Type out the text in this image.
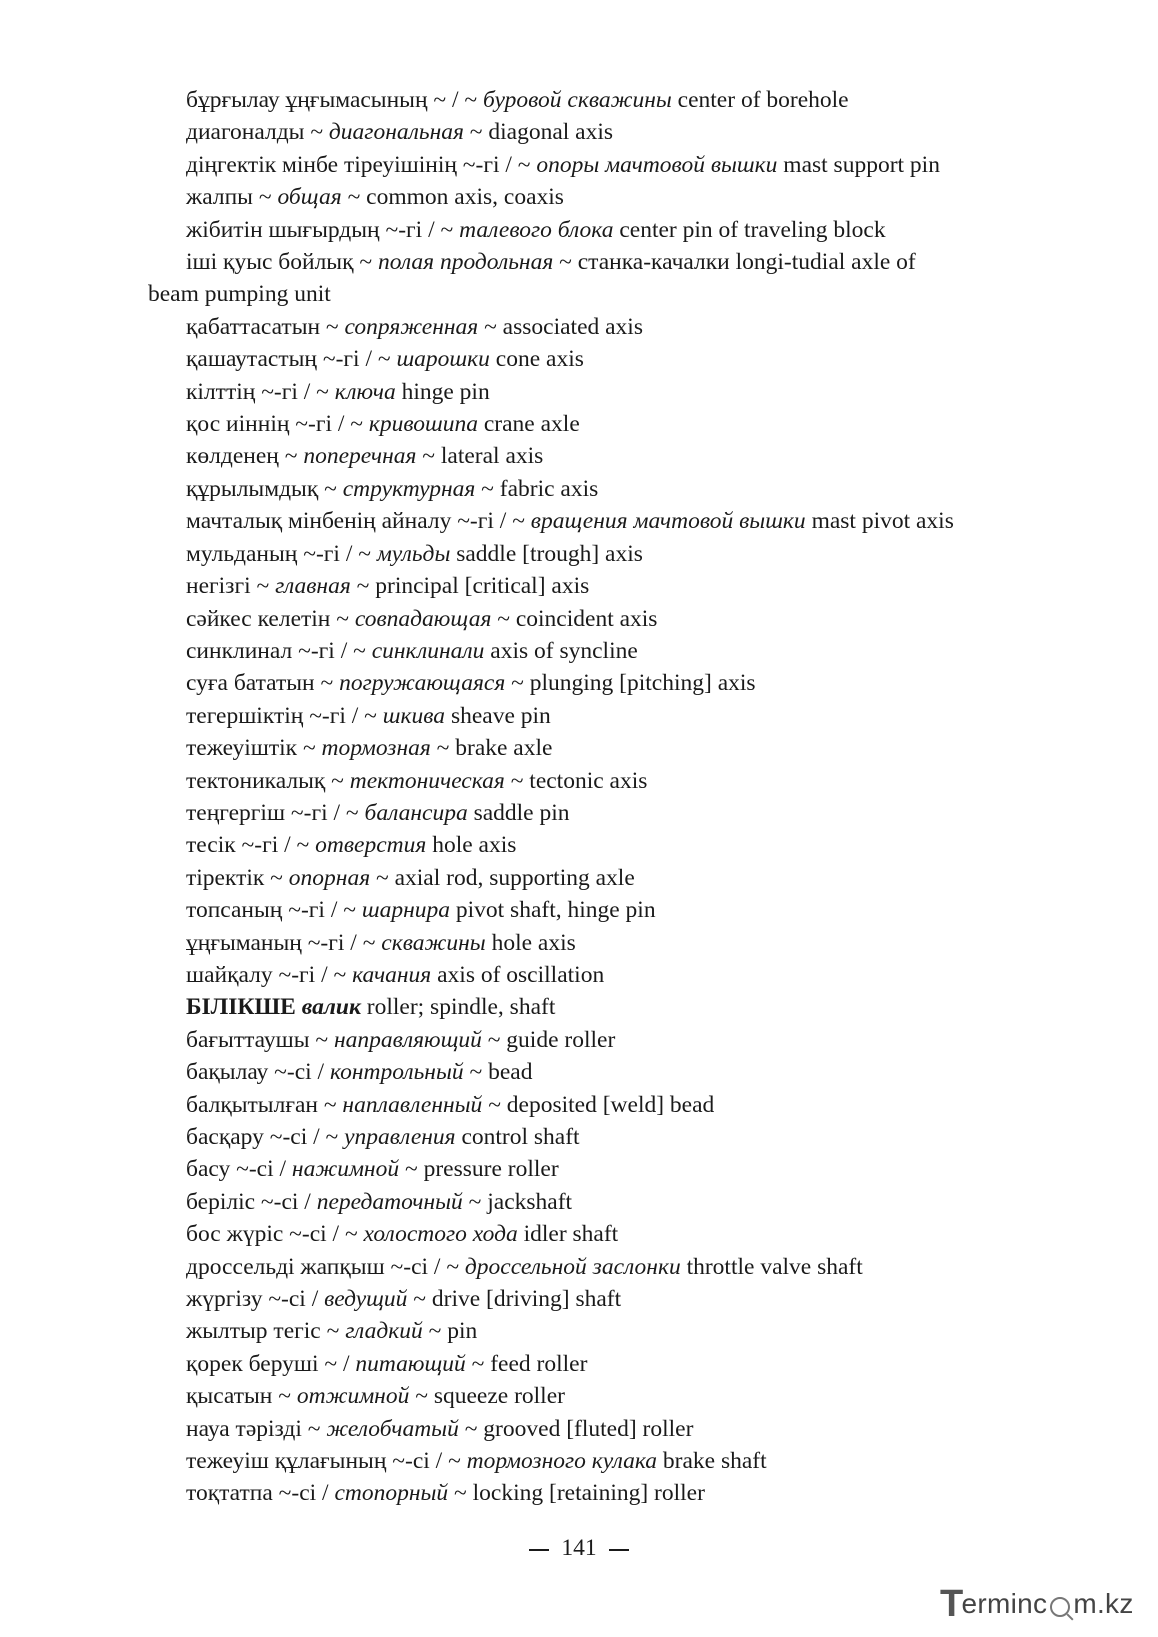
бұрғылау ұңғымасының ~ / ~ буровой скважины center of borehole
диагоналды ~ диагональная ~ diagonal axis
діңгектік мінбе тіреуішінің ~-гі / ~ опоры мачтовой вышки mast support pin
жалпы ~ общая ~ common axis, coaxis
жібитін шығырдың ~-гі / ~ талевого блока center pin of traveling block
іші қуыс бойлық ~ полая продольная ~ станка-качалки longi-tudial axle of
beam pumping unit
қабаттасатын ~ сопряженная ~ associated axis
қашаутастың ~-гі / ~ шарошки cone axis
кілттің ~-гі / ~ ключа hinge pin
қос иіннің ~-гі / ~ кривошипа crane axle
көлденең ~ поперечная ~ lateral axis
құрылымдық ~ структурная ~ fabric axis
мачталық мінбенің айналу ~-гі / ~ вращения мачтовой вышки mast pivot axis
мульданың ~-гі / ~ мульды saddle [trough] axis
негізгі ~ главная ~ principal [critical] axis
сәйкес келетін ~ совпадающая ~ coincident axis
синклинал ~-гі / ~ синклинали axis of syncline
суға бататын ~ погружающаяся ~ plunging [pitching] axis
тегершіктің ~-гі / ~ шкива sheave pin
тежеуіштік ~ тормозная ~ brake axle
тектоникалық ~ тектоническая ~ tectonic axis
теңгергіш ~-гі / ~ балансира saddle pin
тесік ~-гі / ~ отверстия hole axis
тіректік ~ опорная ~ axial rod, supporting axle
топсаның ~-гі / ~ шарнира pivot shaft, hinge pin
ұңғыманың ~-гі / ~ скважины hole axis
шайқалу ~-гі / ~ качания axis of oscillation
БІЛІКШЕ валик roller; spindle, shaft
бағыттаушы ~ направляющий ~ guide roller
бақылау ~-сі / контрольный ~ bead
балқытылған ~ наплавленный ~ deposited [weld] bead
басқару ~-сі / ~ управления control shaft
басу ~-сі / нажимной ~ pressure roller
беріліс ~-сі / передаточный ~ jackshaft
бос жүріс ~-сі / ~ холостого хода idler shaft
дроссельді жапқыш ~-сі / ~ дроссельной заслонки throttle valve shaft
жүргізу ~-сі / ведущий ~ drive [driving] shaft
жылтыр тегіс ~ гладкий ~ pin
қорек беруші ~ / питающий ~ feed roller
қысатын ~ отжимной ~ squeeze roller
науа тәрізді ~ желобчатый ~ grooved [fluted] roller
тежеуіш құлағының ~-сі / ~ тормозного кулака brake shaft
тоқтатпа ~-сі / стопорный ~ locking [retaining] roller
141
T
erminc m.kz
